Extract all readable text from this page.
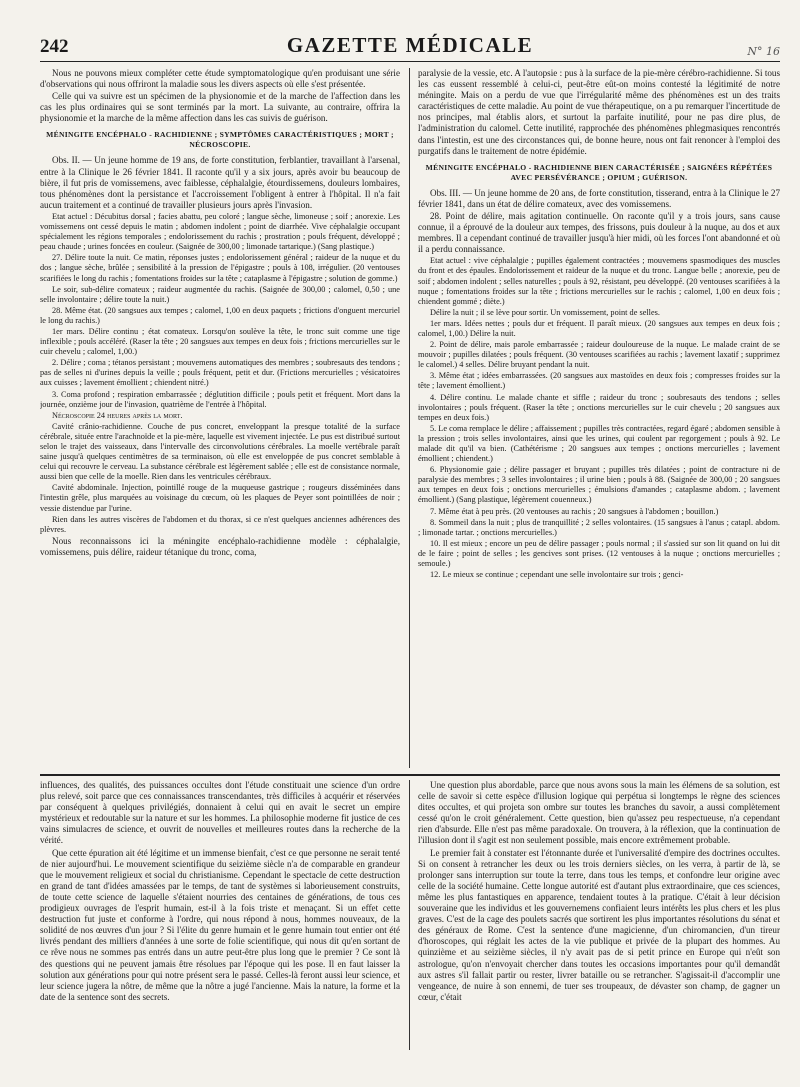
242	GAZETTE MÉDICALE	N° 16

Nous ne pouvons mieux compléter cette étude symptomatologique qu'en produisant une série d'observations qui nous offriront la maladie sous les divers aspects où elle s'est présentée.

Celle qui va suivre est un spécimen de la physionomie et de la marche de l'affection dans les cas les plus ordinaires qui se sont terminés par la mort. La suivante, au contraire, offrira la physionomie et la marche de la même affection dans les cas suivis de guérison.

MÉNINGITE ENCÉPHALO - RACHIDIENNE ; SYMPTÔMES CARACTÉRISTIQUES ; MORT ; NÉCROSCOPIE.

Obs. II. — Un jeune homme de 19 ans, de forte constitution, ferblantier, travaillant à l'arsenal, entre à la Clinique le 26 février 1841. Il raconte qu'il y a six jours, après avoir bu beaucoup de bière, il fut pris de vomissemens, avec faiblesse, céphalalgie, étourdissemens, douleurs lombaires, tous phénomènes dont la persistance et l'accroissement l'obligent à entrer à l'hôpital. Il n'a fait aucun traitement et a continué de travailler plusieurs jours après l'invasion.

Etat actuel : Décubitus dorsal ; facies abattu, peu coloré ; langue sèche, limoneuse ; soif ; anorexie. Les vomissemens ont cessé depuis le matin ; abdomen indolent ; point de diarrhée. Vive céphalalgie occupant spécialement les régions temporales ; endolorissement du rachis ; prostration ; pouls fréquent, développé ; peau chaude ; urines foncées en couleur. (Saignée de 300,00 ; limonade tartarique.) (Sang plastique.)

27. Délire toute la nuit. Ce matin, réponses justes ; endolorissement général ; raideur de la nuque et du dos ; langue sèche, brûlée ; sensibilité à la pression de l'épigastre ; pouls à 108, irrégulier. (20 ventouses scarifiées le long du rachis ; fomentations froides sur la tête ; cataplasme à l'épigastre ; solution de gomme.)

Le soir, sub-délire comateux ; raideur augmentée du rachis. (Saignée de 300,00 ; calomel, 0,50 ; une selle involontaire ; délire toute la nuit.)

28. Même état. (20 sangsues aux tempes ; calomel, 1,00 en deux paquets ; frictions d'onguent mercuriel le long du rachis.)

1er mars. Délire continu ; état comateux. Lorsqu'on soulève la tête, le tronc suit comme une tige inflexible ; pouls accéléré. (Raser la tête ; 20 sangsues aux tempes en deux fois ; frictions mercurielles sur le cuir chevelu ; calomel, 1,00.)

2. Délire ; coma ; tétanos persistant ; mouvemens automatiques des membres ; soubresauts des tendons ; pas de selles ni d'urines depuis la veille ; pouls fréquent, petit et dur. (Frictions mercurielles ; vésicatoires aux cuisses ; lavement émollient ; chiendent nitré.)

3. Coma profond ; respiration embarrassée ; déglutition difficile ; pouls petit et fréquent. Mort dans la journée, onzième jour de l'invasion, quatrième de l'entrée à l'hôpital.

Nécroscopie 24 heures après la mort.

Cavité crânio-rachidienne. Couche de pus concret, enveloppant la presque totalité de la surface cérébrale, située entre l'arachnoïde et la pie-mère, laquelle est vivement injectée. Le pus est distribué surtout selon le trajet des vaisseaux, dans l'intervalle des circonvolutions cérébrales. La moelle vertébrale paraît saine jusqu'à quelques centimètres de sa terminaison, où elle est enveloppée de pus concret semblable à celui qui recouvre le cerveau. La substance cérébrale est légèrement sablée ; elle est de consistance normale, aussi bien que celle de la moelle. Rien dans les ventricules cérébraux.

Cavité abdominale. Injection, pointillé rouge de la muqueuse gastrique ; rougeurs disséminées dans l'intestin grêle, plus marquées au voisinage du cœcum, où les plaques de Peyer sont pointillées de noir ; vessie distendue par l'urine.

Rien dans les autres viscères de l'abdomen et du thorax, si ce n'est quelques anciennes adhérences des plèvres.

Nous reconnaissons ici la méningite encéphalo-rachidienne modèle : céphalalgie, vomissemens, puis délire, raideur tétanique du tronc, coma,

paralysie de la vessie, etc. A l'autopsie : pus à la surface de la pie-mère cérébro-rachidienne. Si tous les cas eussent ressemblé à celui-ci, peut-être eût-on moins contesté la légitimité de notre méningite. Mais on a perdu de vue que l'irrégularité même des phénomènes est un des traits caractéristiques de cette maladie. Au point de vue thérapeutique, on a pu remarquer l'incertitude de nos principes, mal établis alors, et surtout la parfaite inutilité, pour ne pas dire plus, de l'administration du calomel. Cette inutilité, rapprochée des phénomènes phlegmasiques rencontrés dans l'intestin, est une des circonstances qui, de bonne heure, nous ont fait renoncer à l'emploi des purgatifs dans le traitement de notre épidémie.

MÉNINGITE ENCÉPHALO - RACHIDIENNE BIEN CARACTÉRISÉE ; SAIGNÉES RÉPÉTÉES AVEC PERSÉVÉRANCE ; OPIUM ; GUÉRISON.

Obs. III. — Un jeune homme de 20 ans, de forte constitution, tisserand, entra à la Clinique le 27 février 1841, dans un état de délire comateux, avec des vomissemens.

28. Point de délire, mais agitation continuelle. On raconte qu'il y a trois jours, sans cause connue, il a éprouvé de la douleur aux tempes, des frissons, puis douleur à la nuque, au dos et aux membres. Il a cependant continué de travailler jusqu'à hier midi, où les forces l'ont abandonné et où il a perdu connaissance.

Etat actuel : vive céphalalgie ; pupilles également contractées ; mouvemens spasmodiques des muscles du front et des épaules. Endolorissement et raideur de la nuque et du tronc. Langue belle ; anorexie, peu de soif ; abdomen indolent ; selles naturelles ; pouls à 92, résistant, peu développé. (20 ventouses scarifiées à la nuque ; fomentations froides sur la tête ; frictions mercurielles sur le rachis ; calomel, 1,00 en deux fois ; chiendent gommé ; diète.)

Délire la nuit ; il se lève pour sortir. Un vomissement, point de selles.

1er mars. Idées nettes ; pouls dur et fréquent. Il paraît mieux. (20 sangsues aux tempes en deux fois ; calomel, 1,00.) Délire la nuit.

2. Point de délire, mais parole embarrassée ; raideur douloureuse de la nuque. Le malade craint de se mouvoir ; pupilles dilatées ; pouls fréquent. (30 ventouses scarifiées au rachis ; lavement laxatif ; supprimez le calomel.) 4 selles. Délire bruyant pendant la nuit.

3. Même état ; idées embarrassées. (20 sangsues aux mastoïdes en deux fois ; compresses froides sur la tête ; lavement émollient.)

4. Délire continu. Le malade chante et siffle ; raideur du tronc ; soubresauts des tendons ; selles involontaires ; pouls fréquent. (Raser la tête ; onctions mercurielles sur le cuir chevelu ; 20 sangsues aux tempes en deux fois.)

5. Le coma remplace le délire ; affaissement ; pupilles très contractées, regard égaré ; abdomen sensible à la pression ; trois selles involontaires, ainsi que les urines, qui coulent par regorgement ; pouls à 92. Le malade dit qu'il va bien. (Cathétérisme ; 20 sangsues aux tempes ; onctions mercurielles ; lavement émollient ; chiendent.)

6. Physionomie gaie ; délire passager et bruyant ; pupilles très dilatées ; point de contracture ni de paralysie des membres ; 3 selles involontaires ; il urine bien ; pouls à 88. (Saignée de 300,00 ; 20 sangsues aux tempes en deux fois ; onctions mercurielles ; émulsions d'amandes ; cataplasme abdom. ; lavement émollient.) (Sang plastique, légèrement couenneux.)

7. Même état à peu près. (20 ventouses au rachis ; 20 sangsues à l'abdomen ; bouillon.)

8. Sommeil dans la nuit ; plus de tranquillité ; 2 selles volontaires. (15 sangsues à l'anus ; catapl. abdom. ; limonade tartar. ; onctions mercurielles.)

10. Il est mieux ; encore un peu de délire passager ; pouls normal ; il s'assied sur son lit quand on lui dit de le faire ; point de selles ; les gencives sont prises. (12 ventouses à la nuque ; onctions mercurielles ; semoule.)

12. Le mieux se continue ; cependant une selle involontaire sur trois ; genci-

influences, des qualités, des puissances occultes dont l'étude constituait une science d'un ordre plus relevé, soit parce que ces connaissances transcendantes, très difficiles à acquérir et réservées par conséquent à quelques privilégiés, donnaient à celui qui en avait le secret un empire mystérieux et redoutable sur la nature et sur les hommes. La philosophie moderne fit justice de ces vains simulacres de science, et ouvrit de nouvelles et meilleures routes dans la recherche de la vérité.

Que cette épuration ait été légitime et un immense bienfait, c'est ce que personne ne serait tenté de nier aujourd'hui. Le mouvement scientifique du seizième siècle n'a de comparable en grandeur que le mouvement religieux et social du christianisme. Cependant le spectacle de cette destruction en grand de tant d'idées amassées par le temps, de tant de systèmes si laborieusement construits, de toute cette science de laquelle s'étaient nourries des centaines de générations, de tous ces prodigieux ouvrages de l'esprit humain, est-il à la fois triste et menaçant. Si un effet cette destruction fut juste et conforme à l'ordre, qui nous répond à nous, hommes nouveaux, de la solidité de nos œuvres d'un jour ? Si l'élite du genre humain et le genre humain tout entier ont été livrés pendant des milliers d'années à une sorte de folie scientifique, qui nous dit qu'en sortant de ce rêve nous ne sommes pas entrés dans un autre peut-être plus long que le premier ? Ce sont là des questions qui ne peuvent jamais être résolues par l'époque qui les pose. Il en faut laisser la solution aux générations pour qui notre présent sera le passé. Celles-là feront aussi leur science, et leur science jugera la nôtre, de même que la nôtre a jugé l'ancienne. Mais la nature, la forme et la date de la sentence sont des secrets.

Une question plus abordable, parce que nous avons sous la main les élémens de sa solution, est celle de savoir si cette espèce d'illusion logique qui perpétua si longtemps le règne des sciences dites occultes, et qui projeta son ombre sur toutes les branches du savoir, a aussi complètement cessé qu'on le croit généralement. Cette question, bien qu'assez peu respectueuse, n'a cependant rien d'absurde. Elle n'est pas même paradoxale. On trouvera, à la réflexion, que la continuation de l'illusion dont il s'agit est non seulement possible, mais encore extrêmement probable.

Le premier fait à constater est l'étonnante durée et l'universalité d'empire des doctrines occultes. Si on consent à retrancher les deux ou les trois derniers siècles, on les verra, à partir de là, se prolonger sans interruption sur toute la terre, dans tous les temps, et confondre leur origine avec celle de la société humaine. Cette longue autorité est d'autant plus extraordinaire, que ces sciences, même les plus fantastiques en apparence, tendaient toutes à la pratique. C'était à leur décision souveraine que les individus et les gouvernemens confiaient leurs intérêts les plus chers et les plus graves. C'est de la cage des poulets sacrés que sortirent les plus importantes résolutions du sénat et des généraux de Rome. C'est la sentence d'une magicienne, d'un chiromancien, d'un tireur d'horoscopes, qui réglait les actes de la vie publique et privée de la plupart des hommes. Au quinzième et au seizième siècles, il n'y avait pas de si petit prince en Europe qui n'eût son astrologue, qu'on n'envoyait chercher dans toutes les occasions importantes pour qu'il demandât aux astres s'il fallait partir ou rester, livrer bataille ou se retrancher. S'agissait-il d'accomplir une vengeance, de nuire à son ennemi, de tuer ses troupeaux, de dévaster son champ, de gagner un cœur, c'était
